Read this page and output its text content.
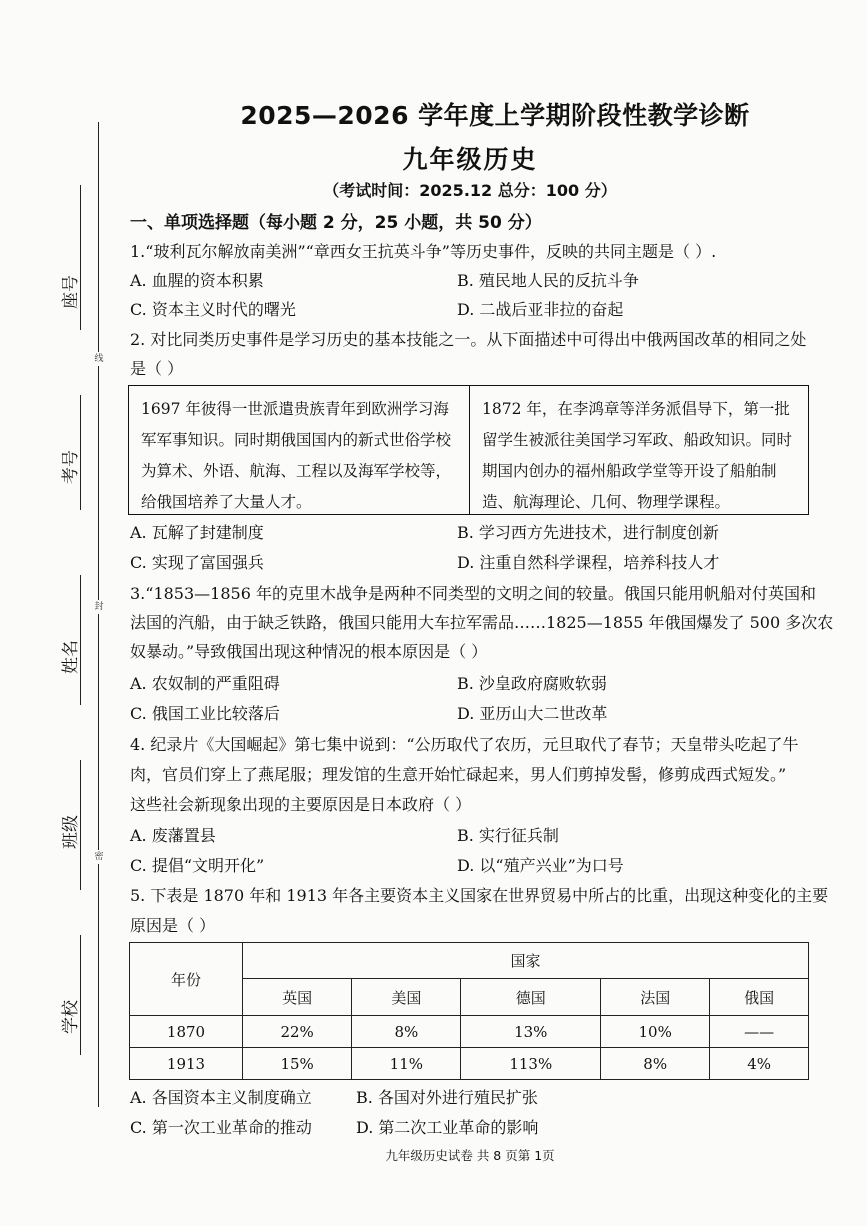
座号
考号
姓名
班级
学校
线
封
密
2025—2026 学年度上学期阶段性教学诊断
九年级历史
（考试时间：2025.12 总分：100 分）
一、单项选择题（每小题 2 分，25 小题，共 50 分）
1.“玻利瓦尔解放南美洲”“章西女王抗英斗争”等历史事件，反映的共同主题是（ ）.
A. 血腥的资本积累	B. 殖民地人民的反抗斗争
C. 资本主义时代的曙光	D. 二战后亚非拉的奋起
2. 对比同类历史事件是学习历史的基本技能之一。从下面描述中可得出中俄两国改革的相同之处
是（ ）
1697 年彼得一世派遣贵族青年到欧洲学习海军军事知识。同时期俄国国内的新式世俗学校为算术、外语、航海、工程以及海军学校等，给俄国培养了大量人才。
1872 年，在李鸿章等洋务派倡导下，第一批留学生被派往美国学习军政、船政知识。同时期国内创办的福州船政学堂等开设了船舶制造、航海理论、几何、物理学课程。
A. 瓦解了封建制度	B. 学习西方先进技术，进行制度创新
C. 实现了富国强兵	D. 注重自然科学课程，培养科技人才
3.“1853—1856 年的克里木战争是两种不同类型的文明之间的较量。俄国只能用帆船对付英国和
法国的汽船，由于缺乏铁路，俄国只能用大车拉军需品……1825—1855 年俄国爆发了 500 多次农
奴暴动。”导致俄国出现这种情况的根本原因是（ ）
A. 农奴制的严重阻碍	B. 沙皇政府腐败软弱
C. 俄国工业比较落后	D. 亚历山大二世改革
4. 纪录片《大国崛起》第七集中说到：“公历取代了农历，元旦取代了春节；天皇带头吃起了牛
肉，官员们穿上了燕尾服；理发馆的生意开始忙碌起来，男人们剪掉发髻，修剪成西式短发。”
这些社会新现象出现的主要原因是日本政府（ ）
A. 废藩置县	B. 实行征兵制
C. 提倡“文明开化”	D. 以“殖产兴业”为口号
5. 下表是 1870 年和 1913 年各主要资本主义国家在世界贸易中所占的比重，出现这种变化的主要
原因是（ ）
年份	国家				
	英国	美国	德国	法国	俄国
1870	22%	8%	13%	10%	——
1913	15%	11%	113%	8%	4%
A. 各国资本主义制度确立	B. 各国对外进行殖民扩张
C. 第一次工业革命的推动	D. 第二次工业革命的影响
九年级历史试卷 共 8 页第 1页
